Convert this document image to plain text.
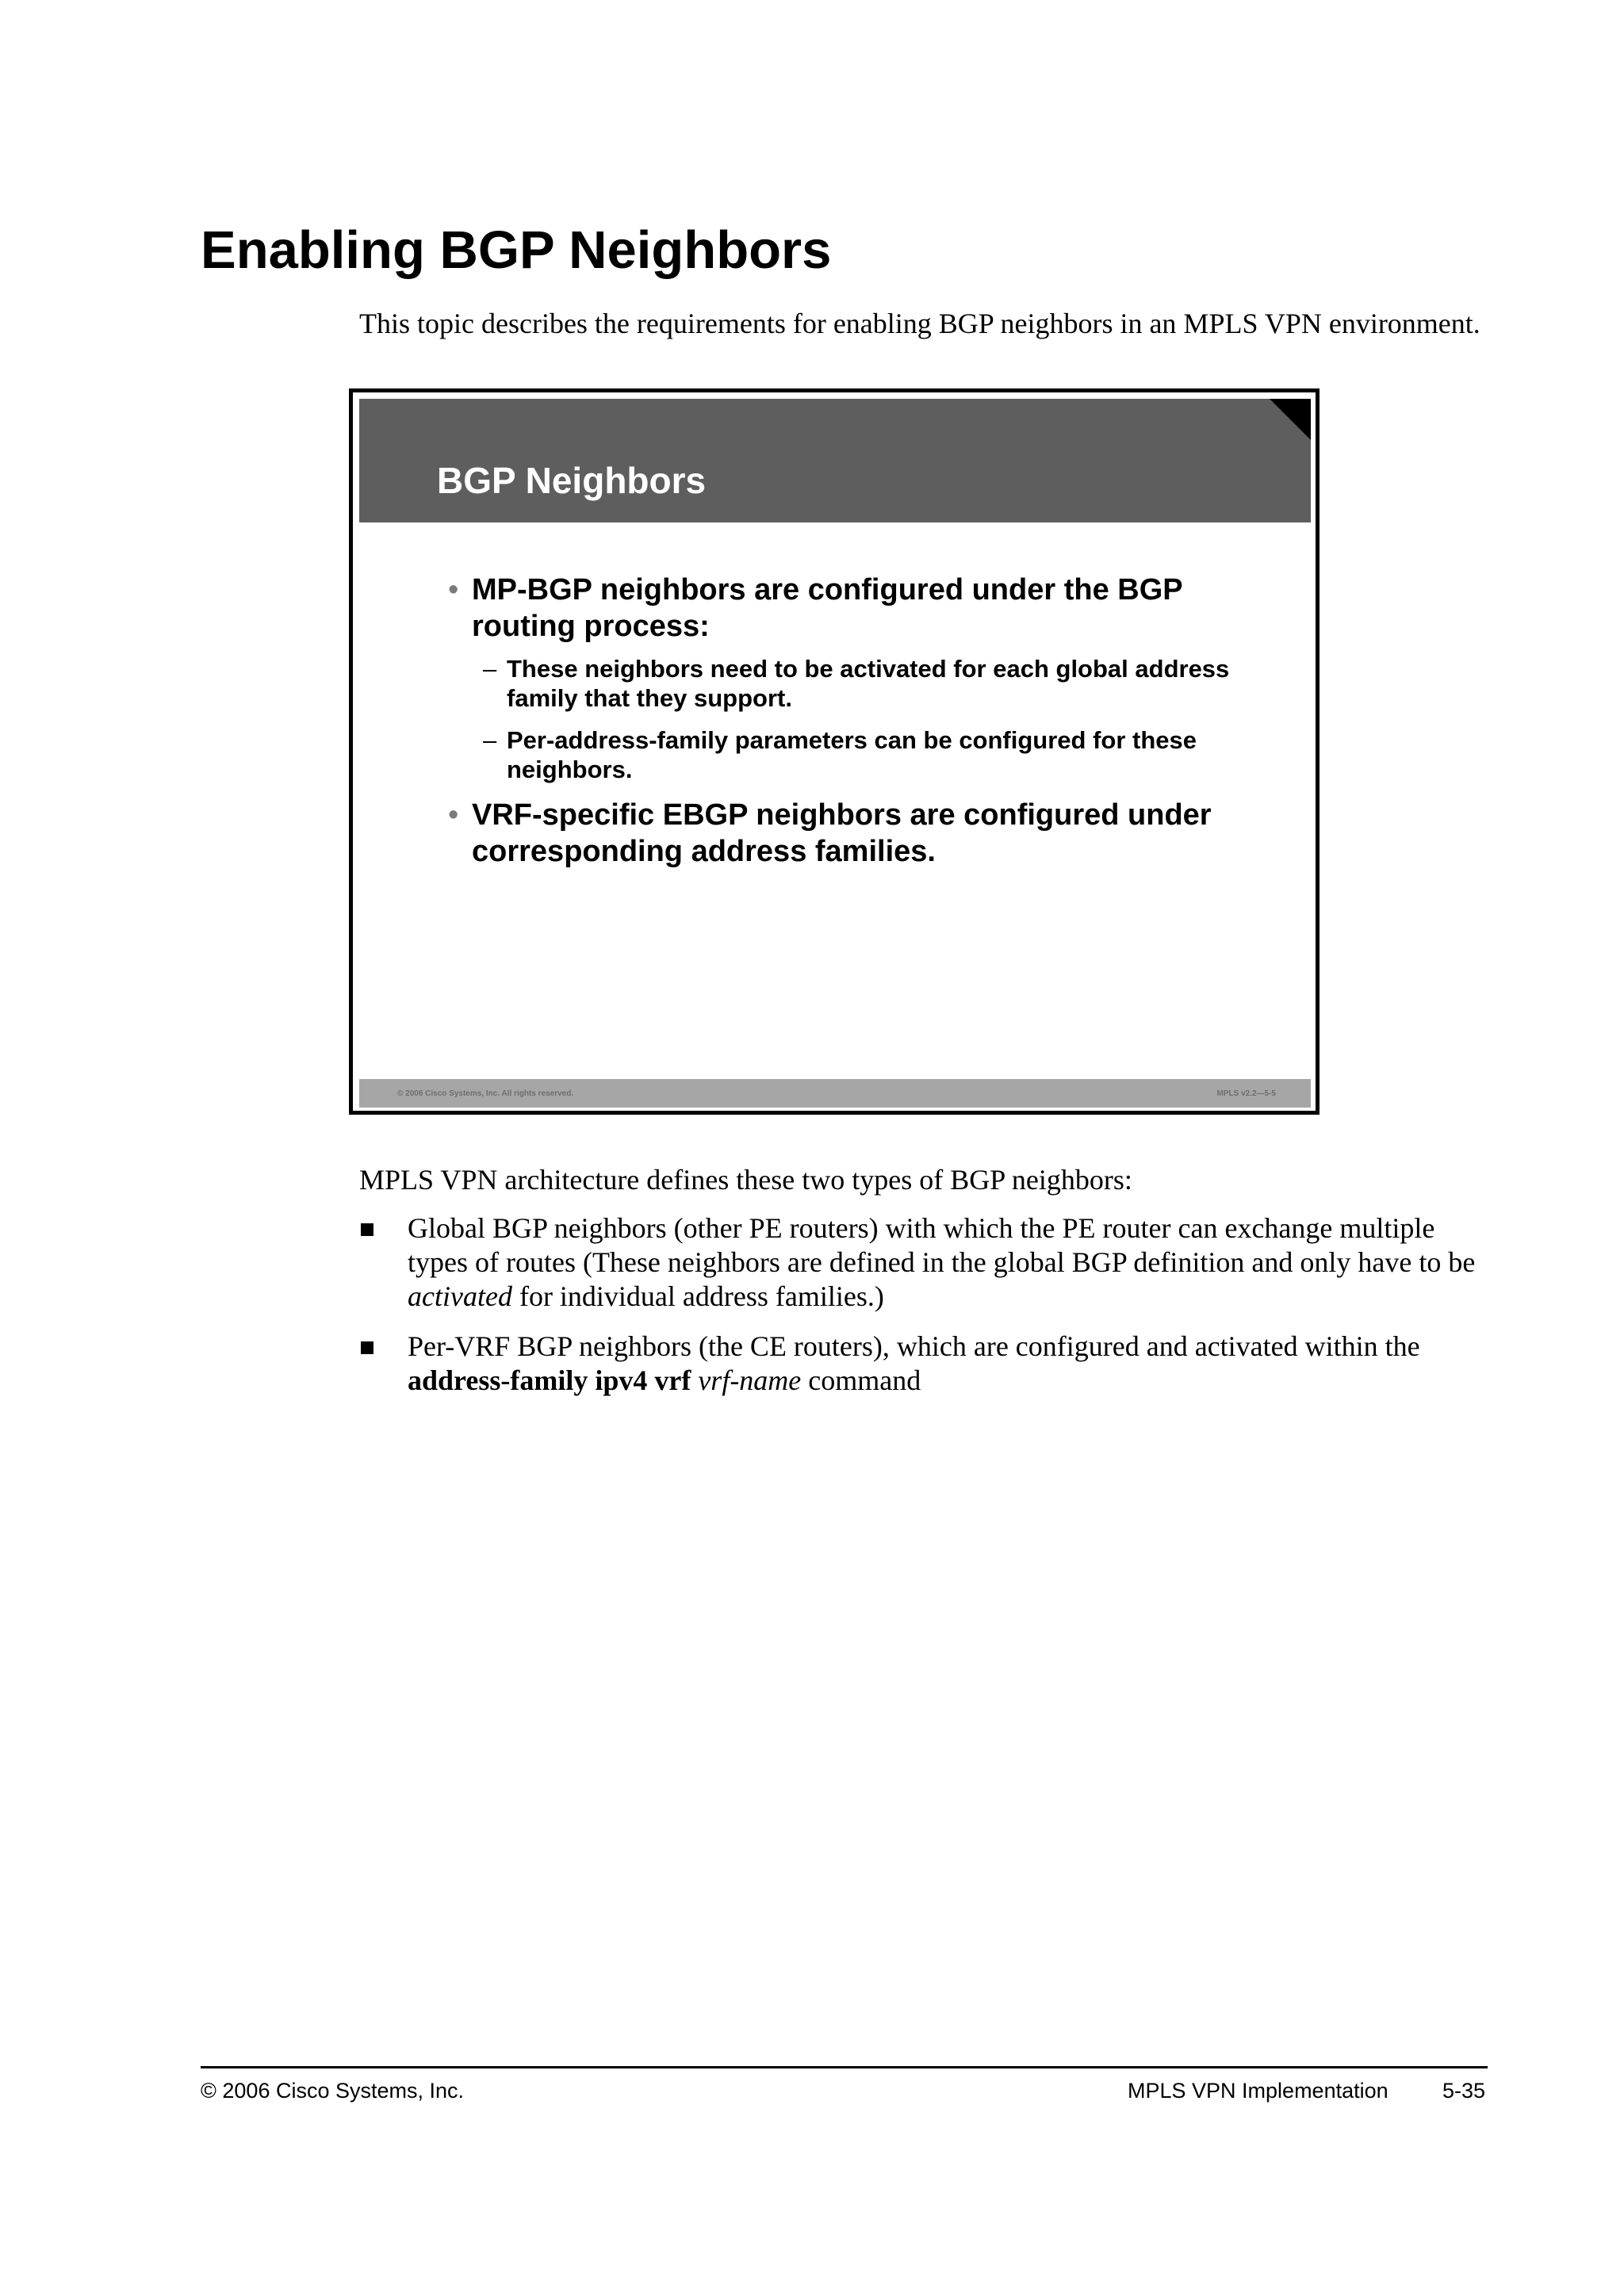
Enabling BGP Neighbors

This topic describes the requirements for enabling BGP neighbors in an MPLS VPN environment.

BGP Neighbors
• MP-BGP neighbors are configured under the BGP routing process:
– These neighbors need to be activated for each global address family that they support.
– Per-address-family parameters can be configured for these neighbors.
• VRF-specific EBGP neighbors are configured under corresponding address families.
© 2006 Cisco Systems, Inc. All rights reserved.	MPLS v2.2—5-5

MPLS VPN architecture defines these two types of BGP neighbors:

Global BGP neighbors (other PE routers) with which the PE router can exchange multiple types of routes (These neighbors are defined in the global BGP definition and only have to be activated for individual address families.)
Per-VRF BGP neighbors (the CE routers), which are configured and activated within the address-family ipv4 vrf vrf-name command
© 2006 Cisco Systems, Inc.	MPLS VPN Implementation	5-35
